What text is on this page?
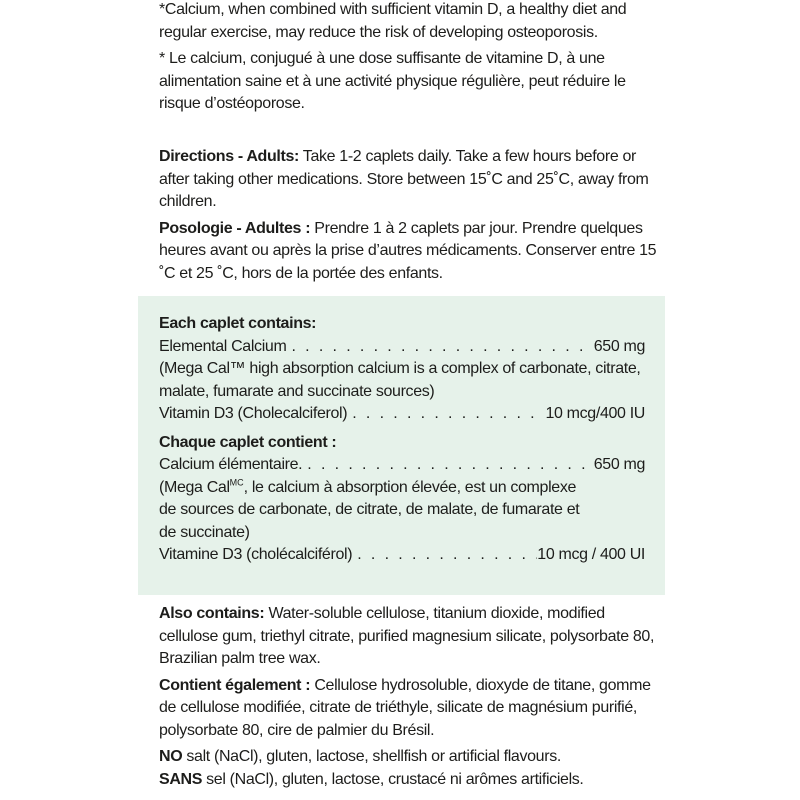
*Calcium, when combined with sufficient vitamin D, a healthy diet and regular exercise, may reduce the risk of developing osteoporosis.

* Le calcium, conjugué à une dose suffisante de vitamine D, à une alimentation saine et à une activité physique régulière, peut réduire le risque d’ostéoporose.

Directions - Adults: Take 1-2 caplets daily. Take a few hours before or after taking other medications. Store between 15˚C and 25˚C, away from children.

Posologie - Adultes : Prendre 1 à 2 caplets par jour. Prendre quelques heures avant ou après la prise d’autres médicaments. Conserver entre 15 ˚C et 25 ˚C, hors de la portée des enfants.

Each caplet contains:

Elemental Calcium . . .	650 mg

(Mega Cal™ high absorption calcium is a complex of carbonate, citrate, malate, fumarate and succinate sources)

Vitamin D3 (Cholecalciferol) . . .	10 mcg/400 IU

Chaque caplet contient :

Calcium élémentaire. . . .	650 mg

(Mega Cal$^{MC}$, le calcium à absorption élevée, est un complexe

de sources de carbonate, de citrate, de malate, de fumarate et

de succinate)

Vitamine D3 (cholécalciférol) . . .	10 mcg / 400 UI

Also contains: Water-soluble cellulose, titanium dioxide, modified cellulose gum, triethyl citrate, purified magnesium silicate, polysorbate 80, Brazilian palm tree wax.

Contient également : Cellulose hydrosoluble, dioxyde de titane, gomme de cellulose modifiée, citrate de triéthyle, silicate de magnésium purifié, polysorbate 80, cire de palmier du Brésil.

NO salt (NaCl), gluten, lactose, shellfish or artificial flavours.

SANS sel (NaCl), gluten, lactose, crustacé ni arômes artificiels.
